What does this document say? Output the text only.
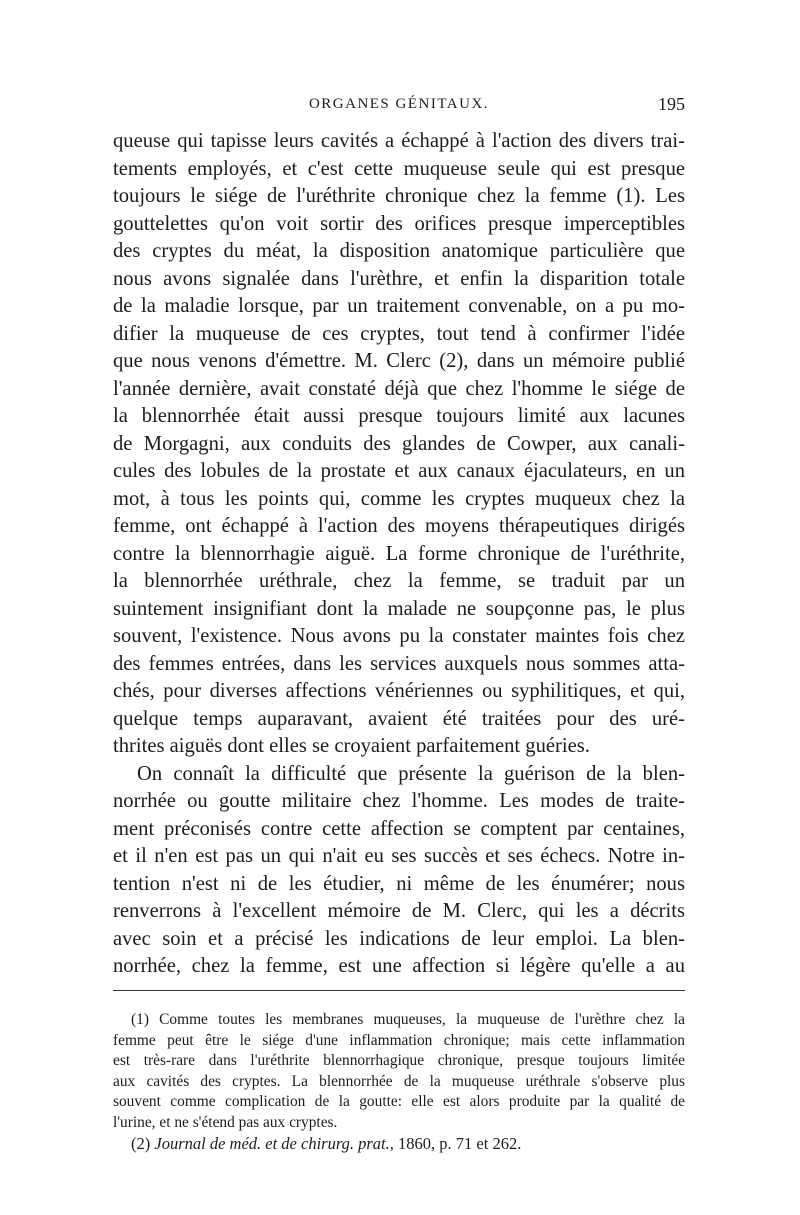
ORGANES GÉNITAUX.	195
queuse qui tapisse leurs cavités a échappé à l'action des divers trai-
tements employés, et c'est cette muqueuse seule qui est presque
toujours le siége de l'uréthrite chronique chez la femme (1). Les
gouttelettes qu'on voit sortir des orifices presque imperceptibles
des cryptes du méat, la disposition anatomique particulière que
nous avons signalée dans l'urèthre, et enfin la disparition totale
de la maladie lorsque, par un traitement convenable, on a pu mo-
difier la muqueuse de ces cryptes, tout tend à confirmer l'idée
que nous venons d'émettre. M. Clerc (2), dans un mémoire publié
l'année dernière, avait constaté déjà que chez l'homme le siége de
la blennorrhée était aussi presque toujours limité aux lacunes
de Morgagni, aux conduits des glandes de Cowper, aux canali-
cules des lobules de la prostate et aux canaux éjaculateurs, en un
mot, à tous les points qui, comme les cryptes muqueux chez la
femme, ont échappé à l'action des moyens thérapeutiques dirigés
contre la blennorrhagie aiguë. La forme chronique de l'uréthrite,
la blennorrhée uréthrale, chez la femme, se traduit par un
suintement insignifiant dont la malade ne soupçonne pas, le plus
souvent, l'existence. Nous avons pu la constater maintes fois chez
des femmes entrées, dans les services auxquels nous sommes atta-
chés, pour diverses affections vénériennes ou syphilitiques, et qui,
quelque temps auparavant, avaient été traitées pour des uré-
thrites aiguës dont elles se croyaient parfaitement guéries.
On connaît la difficulté que présente la guérison de la blen-
norrhée ou goutte militaire chez l'homme. Les modes de traite-
ment préconisés contre cette affection se comptent par centaines,
et il n'en est pas un qui n'ait eu ses succès et ses échecs. Notre in-
tention n'est ni de les étudier, ni même de les énumérer; nous
renverrons à l'excellent mémoire de M. Clerc, qui les a décrits
avec soin et a précisé les indications de leur emploi. La blen-
norrhée, chez la femme, est une affection si légère qu'elle a au
(1) Comme toutes les membranes muqueuses, la muqueuse de l'urèthre chez la
femme peut être le siége d'une inflammation chronique; mais cette inflammation
est très-rare dans l'uréthrite blennorrhagique chronique, presque toujours limitée
aux cavités des cryptes. La blennorrhée de la muqueuse uréthrale s'observe plus
souvent comme complication de la goutte: elle est alors produite par la qualité de
l'urine, et ne s'étend pas aux cryptes.
(2) Journal de méd. et de chirurg. prat., 1860, p. 71 et 262.
